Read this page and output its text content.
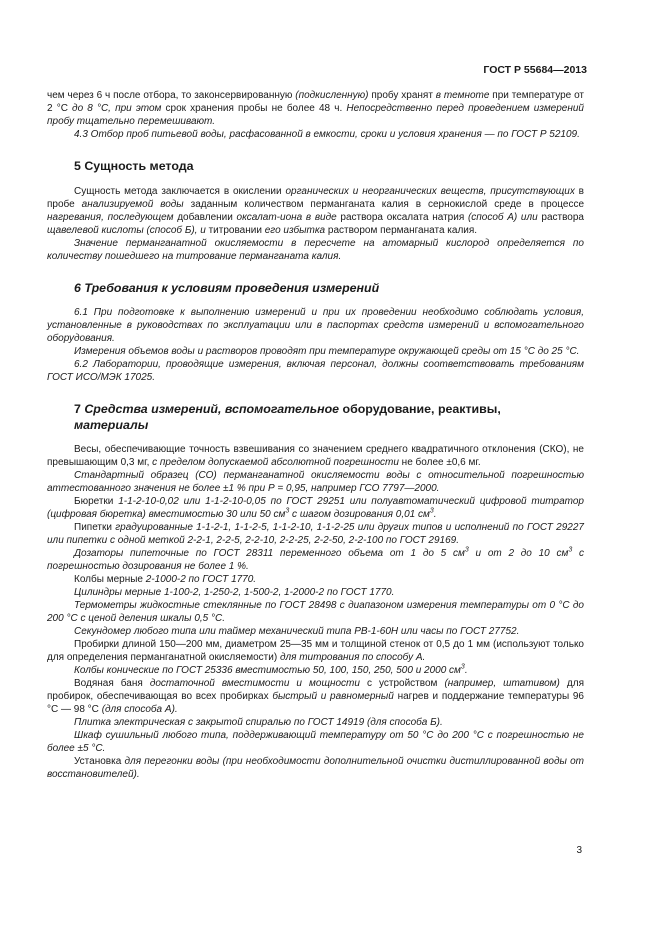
ГОСТ Р 55684—2013

чем через 6 ч после отбора, то законсервированную (подкисленную) пробу хранят в темноте при температуре от 2 °С до 8 °С, при этом срок хранения пробы не более 48 ч. Непосредственно перед проведением измерений пробу тщательно перемешивают.

4.3 Отбор проб питьевой воды, расфасованной в емкости, сроки и условия хранения — по ГОСТ Р 52109.

5 Сущность метода

Сущность метода заключается в окислении органических и неорганических веществ, присутствующих в пробе анализируемой воды заданным количеством перманганата калия в сернокислой среде в процессе нагревания, последующем добавлении оксалат-иона в виде раствора оксалата натрия (способ А) или раствора щавелевой кислоты (способ Б), и титровании его избытка раствором перманганата калия.

Значение перманганатной окисляемости в пересчете на атомарный кислород определяется по количеству пошедшего на титрование перманганата калия.

6 Требования к условиям проведения измерений

6.1 При подготовке к выполнению измерений и при их проведении необходимо соблюдать условия, установленные в руководствах по эксплуатации или в паспортах средств измерений и вспомогательного оборудования.

Измерения объемов воды и растворов проводят при температуре окружающей среды от 15 °С до 25 °С.

6.2 Лаборатории, проводящие измерения, включая персонал, должны соответствовать требованиям ГОСТ ИСО/МЭК 17025.

7 Средства измерений, вспомогательное оборудование, реактивы,
материалы

Весы, обеспечивающие точность взвешивания со значением среднего квадратичного отклонения (СКО), не превышающим 0,3 мг, с пределом допускаемой абсолютной погрешности не более ±0,6 мг.

Стандартный образец (СО) перманганатной окисляемости воды с относительной погрешностью аттестованного значения не более ±1 % при Р = 0,95, например ГСО 7797—2000.

Бюретки 1-1-2-10-0,02 или 1-1-2-10-0,05 по ГОСТ 29251 или полуавтоматический цифровой титратор (цифровая бюретка) вместимостью 30 или 50 $см^3$ с шагом дозирования 0,01 $см^3$.

Пипетки градуированные 1-1-2-1, 1-1-2-5, 1-1-2-10, 1-1-2-25 или других типов и исполнений по ГОСТ 29227 или пипетки с одной меткой 2-2-1, 2-2-5, 2-2-10, 2-2-25, 2-2-50, 2-2-100 по ГОСТ 29169.

Дозаторы пипеточные по ГОСТ 28311 переменного объема от 1 до 5 $см^3$ и от 2 до 10 $см^3$ с погрешностью дозирования не более 1 %.

Колбы мерные 2-1000-2 по ГОСТ 1770.

Цилиндры мерные 1-100-2, 1-250-2, 1-500-2, 1-2000-2 по ГОСТ 1770.

Термометры жидкостные стеклянные по ГОСТ 28498 с диапазоном измерения температуры от 0 °С до 200 °С с ценой деления шкалы 0,5 °С.

Секундомер любого типа или таймер механический типа РВ-1-60Н или часы по ГОСТ 27752.

Пробирки длиной 150—200 мм, диаметром 25—35 мм и толщиной стенок от 0,5 до 1 мм (используют только для определения перманганатной окисляемости) для титрования по способу А.

Колбы конические по ГОСТ 25336 вместимостью 50, 100, 150, 250, 500 и 2000 $см^3$.

Водяная баня достаточной вместимости и мощности с устройством (например, штативом) для пробирок, обеспечивающая во всех пробирках быстрый и равномерный нагрев и поддержание температуры 96 °С — 98 °С (для способа А).

Плитка электрическая с закрытой спиралью по ГОСТ 14919 (для способа Б).

Шкаф сушильный любого типа, поддерживающий температуру от 50 °С до 200 °С с погрешностью не более ±5 °С.

Установка для перегонки воды (при необходимости дополнительной очистки дистиллированной воды от восстановителей).

3
